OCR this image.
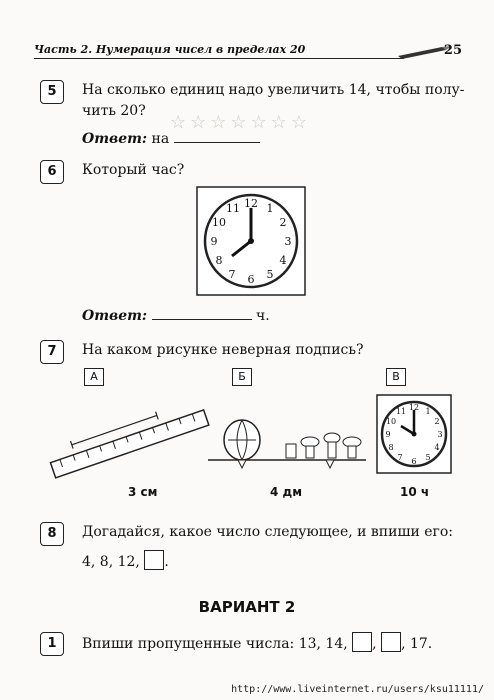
Часть 2. Нумерация чисел в пределах 20	25
☆☆☆☆☆☆☆
5	На сколько единиц надо увеличить 14, чтобы полу-
чить 20?
Ответ: на
6	Который час?
12 1
2
3
4
5
6
7
8
9
10
11
Ответ:	ч.
7	На каком рисунке неверная подпись?
А	Б	В
12 1
2
3
4
5
6
7
8
9
10
11
3 см	4 дм	10 ч
8	Догадайся, какое число следующее, и впиши его:
4, 8, 12, .
ВАРИАНТ 2
1	Впиши пропущенные числа: 13, 14, , , 17.
http://www.liveinternet.ru/users/ksu11111/
